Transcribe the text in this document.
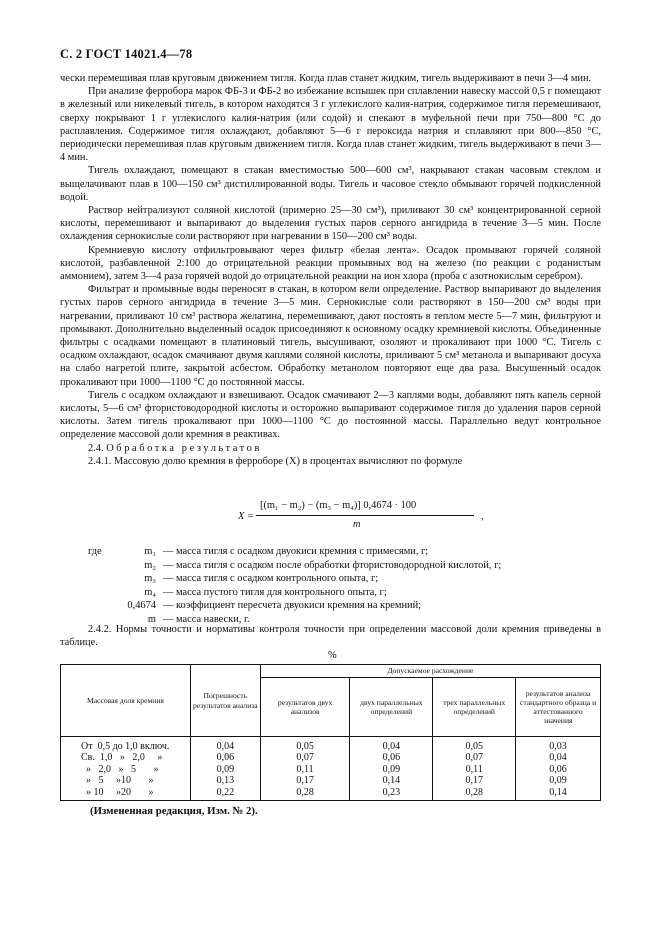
С. 2 ГОСТ 14021.4—78

чески перемешивая плав круговым движением тигля. Когда плав станет жидким, тигель выдерживают в печи 3—4 мин.

При анализе ферробора марок ФБ-3 и ФБ-2 во избежание вспышек при сплавлении навеску массой 0,5 г помещают в железный или никелевый тигель, в котором находятся 3 г углекислого калия-натрия, содержимое тигля перемешивают, сверху покрывают 1 г углекислого калия-натрия (или содой) и спекают в муфельной печи при 750—800 °С до расплавления. Содержимое тигля охлаждают, добавляют 5—6 г пероксида натрия и сплавляют при 800—850 °С, периодически перемешивая плав круговым движением тигля. Когда плав станет жидким, тигель выдерживают в печи 3—4 мин.

Тигель охлаждают, помещают в стакан вместимостью 500—600 см³, накрывают стакан часовым стеклом и выщелачивают плав в 100—150 см³ дистиллированной воды. Тигель и часовое стекло обмывают горячей подкисленной водой.

Раствор нейтрализуют соляной кислотой (примерно 25—30 см³), приливают 30 см³ концентрированной серной кислоты, перемешивают и выпаривают до выделения густых паров серного ангидрида в течение 3—5 мин. После охлаждения сернокислые соли растворяют при нагревании в 150—200 см³ воды.

Кремниевую кислоту отфильтровывают через фильтр «белая лента». Осадок промывают горячей соляной кислотой, разбавленной 2:100 до отрицательной реакции промывных вод на железо (по реакции с роданистым аммонием), затем 3—4 раза горячей водой до отрицательной реакции на ион хлора (проба с азотнокислым серебром).

Фильтрат и промывные воды переносят в стакан, в котором вели определение. Раствор выпаривают до выделения густых паров серного ангидрида в течение 3—5 мин. Сернокислые соли растворяют в 150—200 см³ воды при нагревании, приливают 10 см³ раствора желатина, перемешивают, дают постоять в теплом месте 5—7 мин, фильтруют и промывают. Дополнительно выделенный осадок присоединяют к основному осадку кремниевой кислоты. Объединенные фильтры с осадками помещают в платиновый тигель, высушивают, озоляют и прокаливают при 1000 °С. Тигель с осадком охлаждают, осадок смачивают двумя каплями соляной кислоты, приливают 5 см³ метанола и выпаривают досуха на слабо нагретой плите, закрытой асбестом. Обработку метанолом повторяют еще два раза. Высушенный осадок прокаливают при 1000—1100 °С до постоянной массы.

Тигель с осадком охлаждают и взвешивают. Осадок смачивают 2—3 каплями воды, добавляют пять капель серной кислоты, 5—6 см³ фтористоводородной кислоты и осторожно выпаривают содержимое тигля до удаления паров серной кислоты. Затем тигель прокаливают при 1000—1100 °С до постоянной массы. Параллельно ведут контрольное определение массовой доли кремния в реактивах.

2.4. Обработка результатов

2.4.1. Массовую долю кремния в ферроборе (Х) в процентах вычисляют по формуле

X =
[(m₁ − m₂) − (m₃ − m₄)] 0,4674 · 100
m
,
где	m₁ — масса тигля с осадком двуокиси кремния с примесями, г;
m₂ — масса тигля с осадком после обработки фтористоводородной кислотой, г;
m₃ — масса тигля с осадком контрольного опыта, г;
m₄ — масса пустого тигля для контрольного опыта, г;
0,4674 — коэффициент пересчета двуокиси кремния на кремний;
m — масса навески, г.

2.4.2. Нормы точности и нормативы контроля точности при определении массовой доли кремния приведены в таблице.

%
Массовая доля кремния	Погрешность результатов анализа	Допускаемое расхождение			
		результатов двух анализов	двух параллельных определений	трех параллельных определений	результатов анализа стандартного образца и аттестованного значения
От  0,5 до 1,0 включ.	0,04	0,05	0,04	0,05	0,03
Св.  1,0   »   2,0     »	0,06	0,07	0,06	0,07	0,04
»   2,0   »   5       »	0,09	0,11	0,09	0,11	0,06
»   5     »10       »	0,13	0,17	0,14	0,17	0,09
» 10     »20       »	0,22	0,28	0,23	0,28	0,14
(Измененная редакция, Изм. № 2).
